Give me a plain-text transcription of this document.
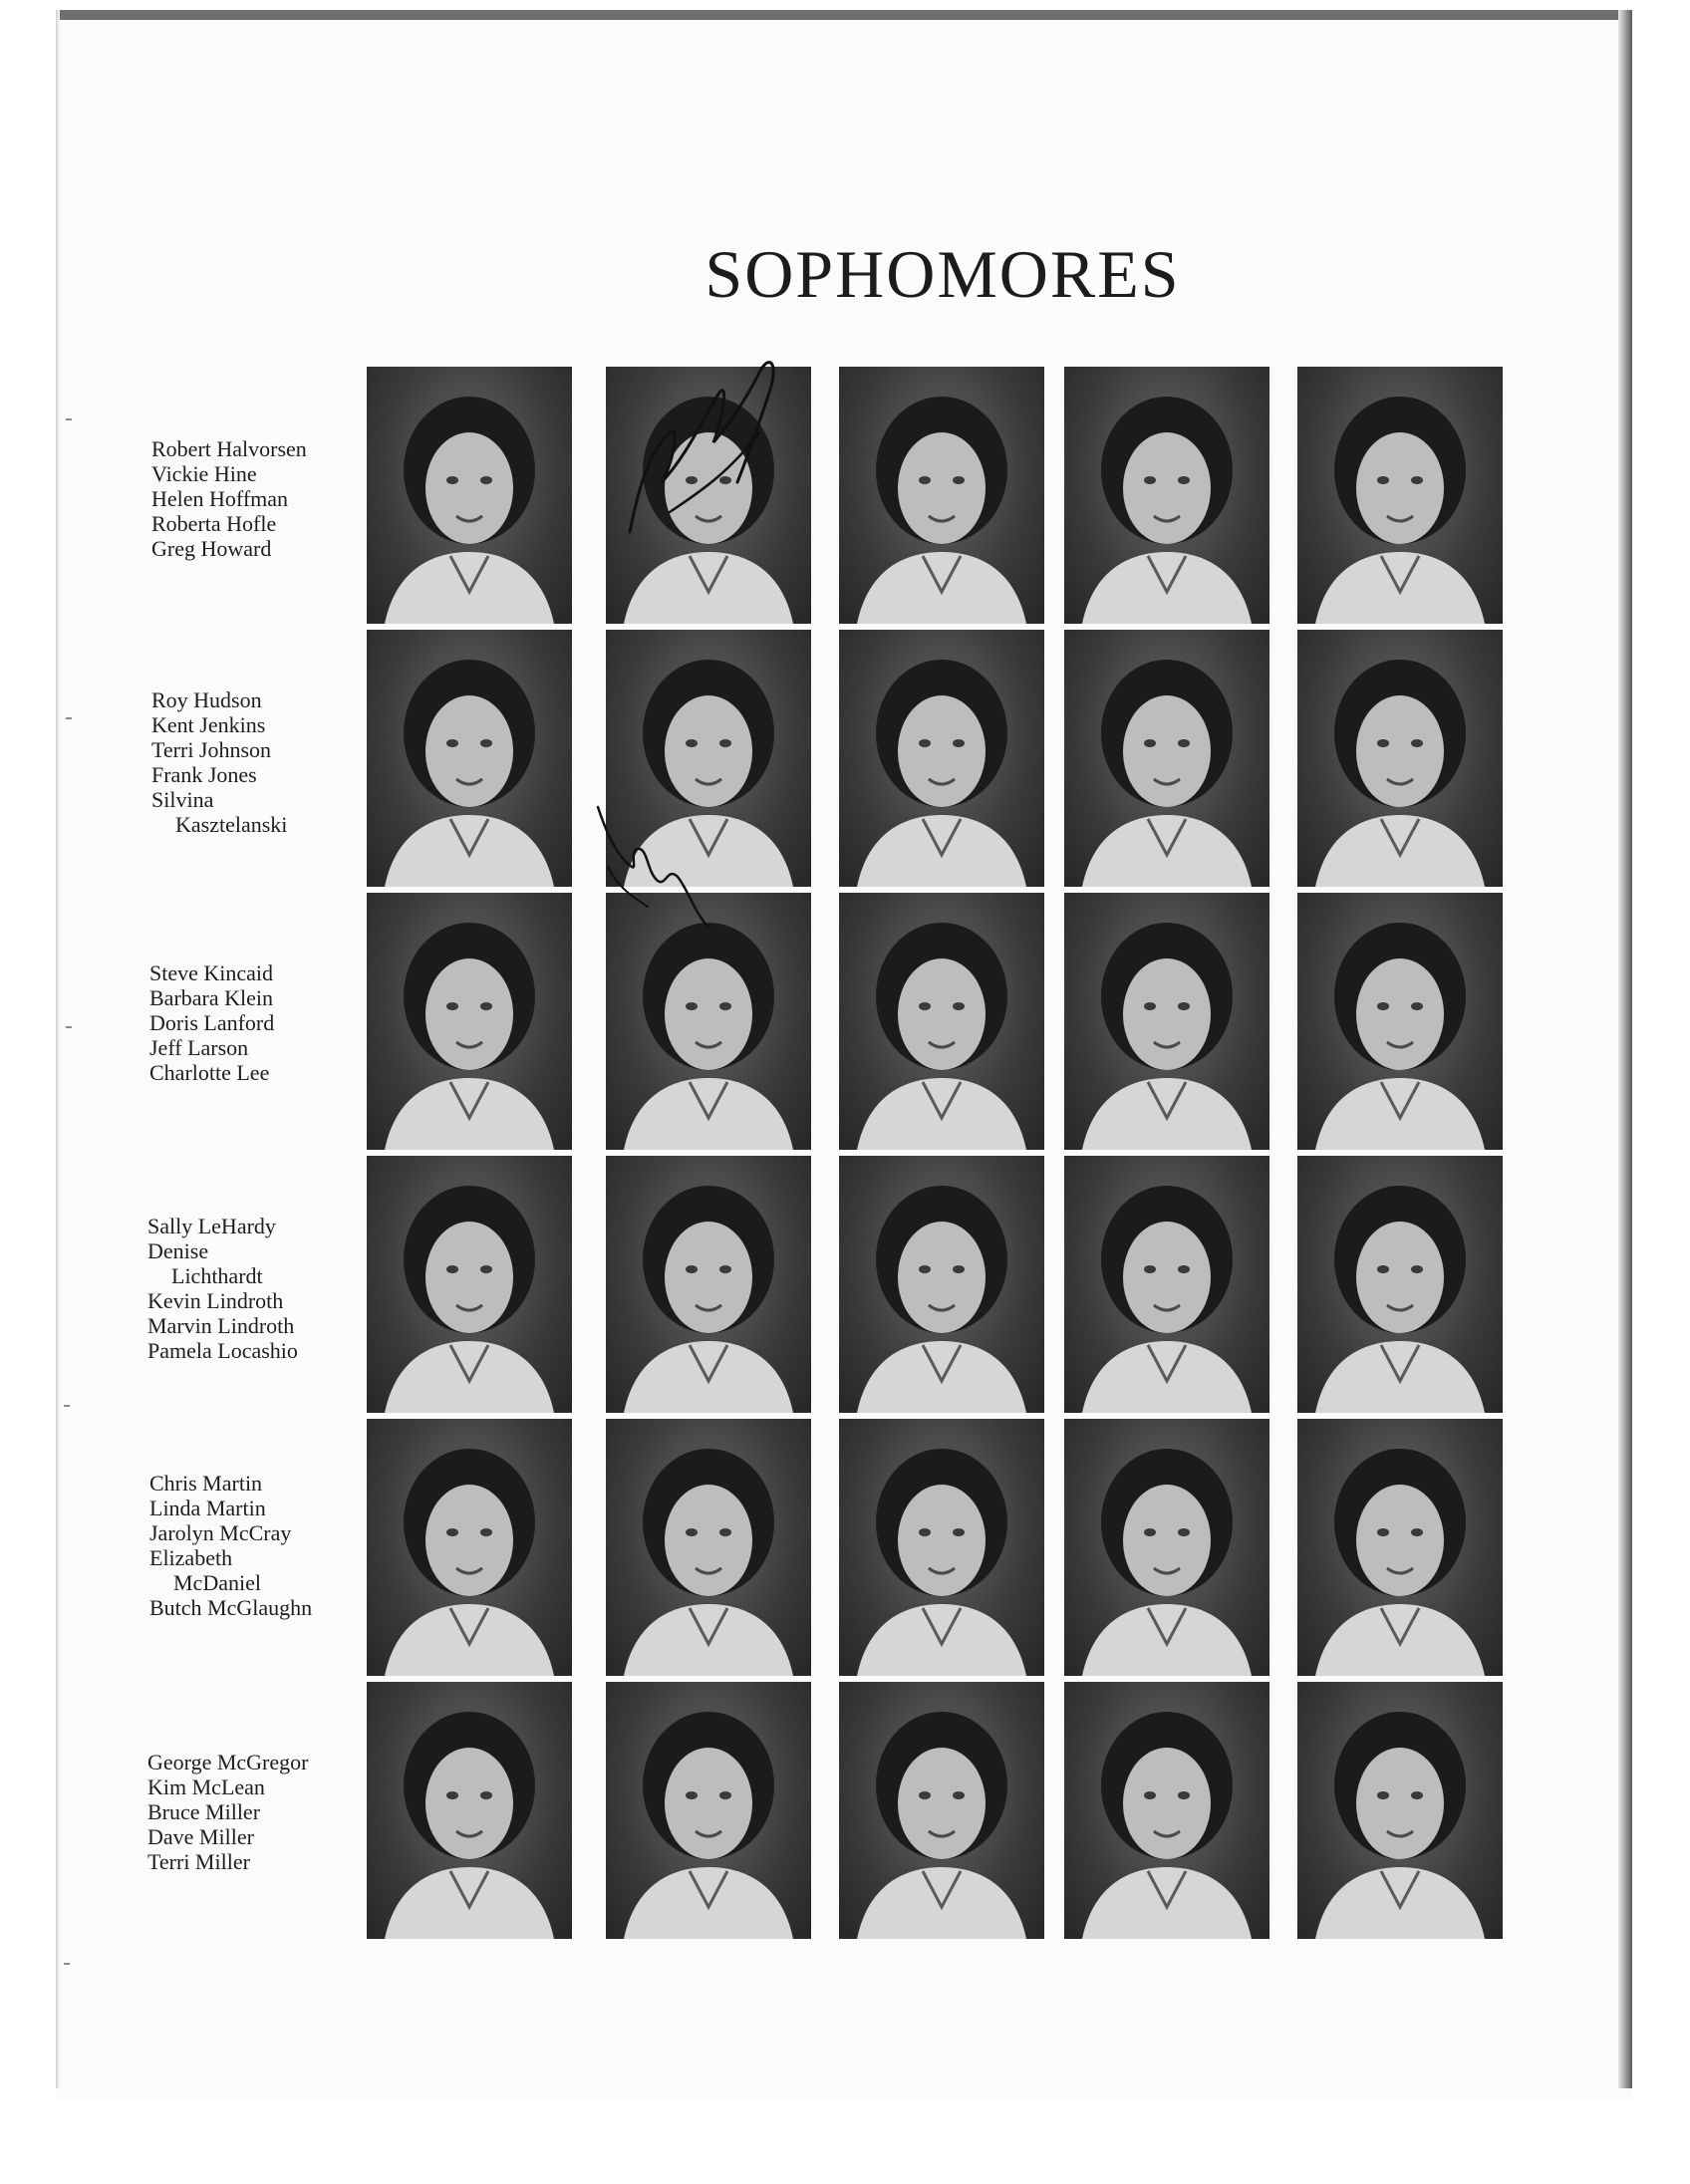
SOPHOMORES
Robert Halvorsen
Vickie Hine
Helen Hoffman
Roberta Hofle
Greg Howard
Roy Hudson
Kent Jenkins
Terri Johnson
Frank Jones
Silvina
Kasztelanski
Steve Kincaid
Barbara Klein
Doris Lanford
Jeff Larson
Charlotte Lee
Sally LeHardy
Denise
Lichthardt
Kevin Lindroth
Marvin Lindroth
Pamela Locashio
Chris Martin
Linda Martin
Jarolyn McCray
Elizabeth
McDaniel
Butch McGlaughn
George McGregor
Kim McLean
Bruce Miller
Dave Miller
Terri Miller
